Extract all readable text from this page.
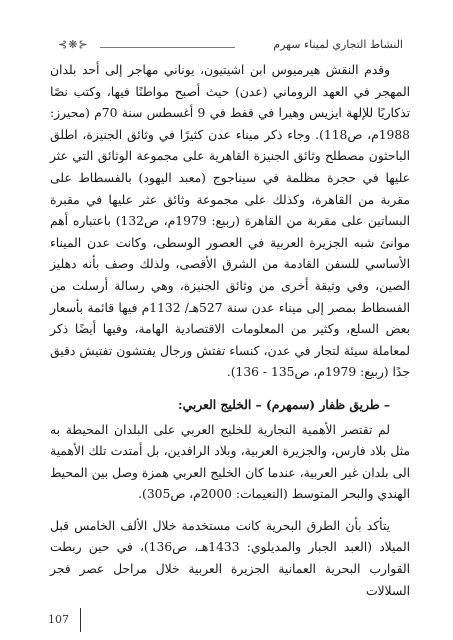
النشاط التجاري لميناء سهرم
⊰❋⊱

وقدم النقش هيرميوس ابن اشيتيون، يوناني مهاجر إلى أحد بلدان المهجر في العهد الروماني (عدن) حيث أصبح مواطنًا فيها، وكتب نصًا تذكاريًا للإلهة ايزيس وهيرا في قفط في 9 أغسطس سنة 70م (محيرز: 1988م، ص118). وجاء ذكر ميناء عدن كثيرًا في وثائق الجنيزة، اطلق الباحثون مصطلح وثائق الجنيزة القاهرية على مجموعة الوثائق التي عثر عليها في حجرة مظلمة في سيناجوج (معبد اليهود) بالفسطاط على مقربة من القاهرة، وكذلك على مجموعة وثائق عثر عليها في مقبرة البساتين على مقربة من القاهرة (ربيع: 1979م، ص132) باعتباره أهم موانئ شبه الجزيرة العربية في العصور الوسطى، وكانت عدن الميناء الأساسي للسفن القادمة من الشرق الأقصى، ولذلك وصف بأنه دهليز الصين، وفي وثيقة أخرى من وثائق الجنيزة، وهي رسالة أرسلت من الفسطاط بمصر إلى ميناء عدن سنة 527هـ/ 1132م فيها قائمة بأسعار بعض السلع، وكثير من المعلومات الاقتصادية الهامة، وفيها أيضًا ذكر لمعاملة سيئة لتجار في عدن، كنساء تفتش ورجال يفتشون تفتيش دقيق جدًا (ربيع: 1979م، ص135 - 136).

– طريق ظفار (سمهرم) – الخليج العربي:

لم تقتصر الأهمية التجارية للخليج العربي على البلدان المحيطة به مثل بلاد فارس، والجزيرة العربية، وبلاد الرافدين، بل أمتدت تلك الأهمية الى بلدان غير العربية، عندما كان الخليج العربي همزة وصل بين المحيط الهندي والبحر المتوسط (النعيمات: 2000م، ص305).

يتأكد بأن الطرق البحرية كانت مستخدمة خلال الألف الخامس قبل الميلاد (العبد الجبار والمديلوي: 1433هـ، ص136)، في حين ربطت القوارب البحرية العمانية الجزيرة العربية خلال مراحل عصر فجر السلالات

107
